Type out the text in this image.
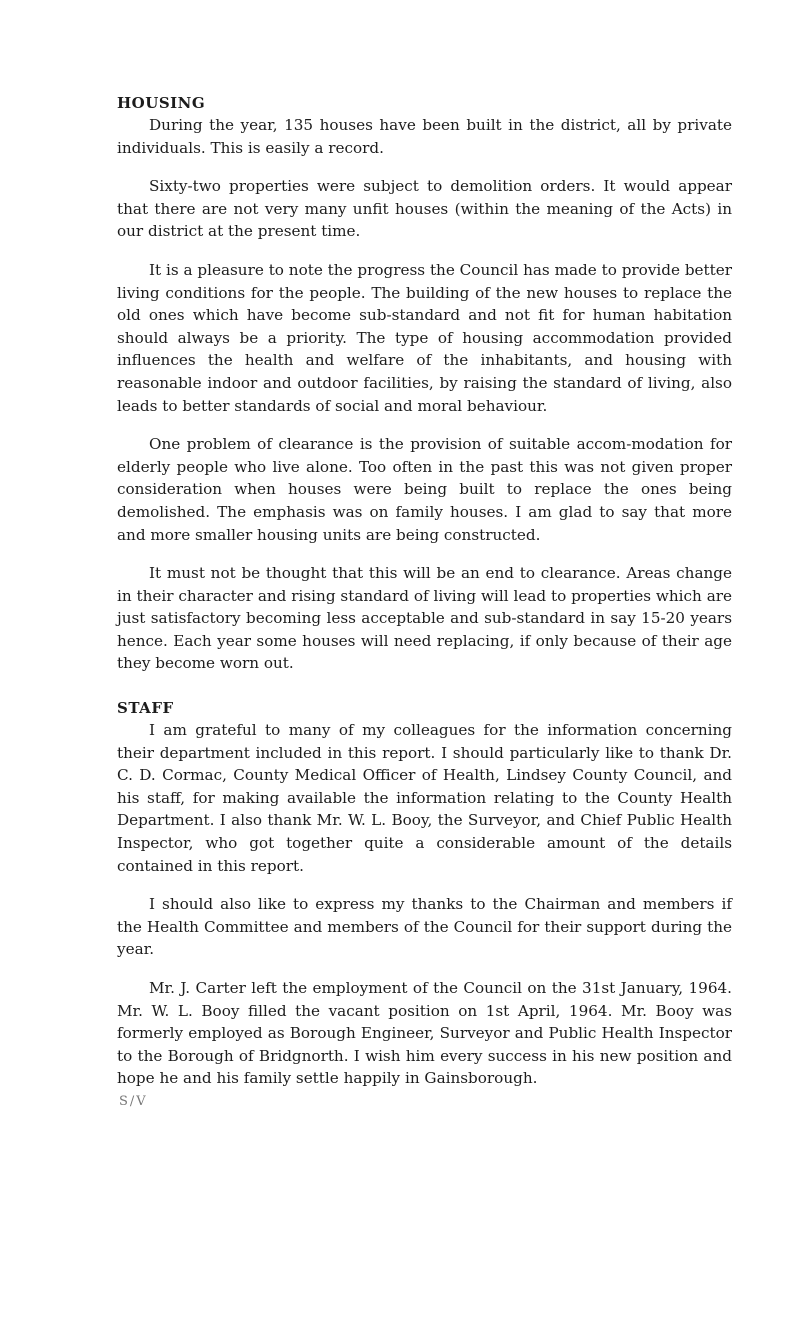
HOUSING

During the year, 135 houses have been built in the district, all by private individuals. This is easily a record.

Sixty-two properties were subject to demolition orders. It would appear that there are not very many unfit houses (within the meaning of the Acts) in our district at the present time.

It is a pleasure to note the progress the Council has made to provide better living conditions for the people. The building of the new houses to replace the old ones which have become sub-standard and not fit for human habitation should always be a priority. The type of housing accommodation provided influences the health and welfare of the inhabitants, and housing with reasonable indoor and outdoor facilities, by raising the standard of living, also leads to better standards of social and moral behaviour.

One problem of clearance is the provision of suitable accom-modation for elderly people who live alone. Too often in the past this was not given proper consideration when houses were being built to replace the ones being demolished. The emphasis was on family houses. I am glad to say that more and more smaller housing units are being constructed.

It must not be thought that this will be an end to clearance. Areas change in their character and rising standard of living will lead to properties which are just satisfactory becoming less acceptable and sub-standard in say 15-20 years hence. Each year some houses will need replacing, if only because of their age they become worn out.

STAFF

I am grateful to many of my colleagues for the information concerning their department included in this report. I should particularly like to thank Dr. C. D. Cormac, County Medical Officer of Health, Lindsey County Council, and his staff, for making available the information relating to the County Health Department. I also thank Mr. W. L. Booy, the Surveyor, and Chief Public Health Inspector, who got together quite a considerable amount of the details contained in this report.

I should also like to express my thanks to the Chairman and members if the Health Committee and members of the Council for their support during the year.

Mr. J. Carter left the employment of the Council on the 31st January, 1964. Mr. W. L. Booy filled the vacant position on 1st April, 1964. Mr. Booy was formerly employed as Borough Engineer, Surveyor and Public Health Inspector to the Borough of Bridgnorth. I wish him every success in his new position and hope he and his family settle happily in Gainsborough.

S/V
